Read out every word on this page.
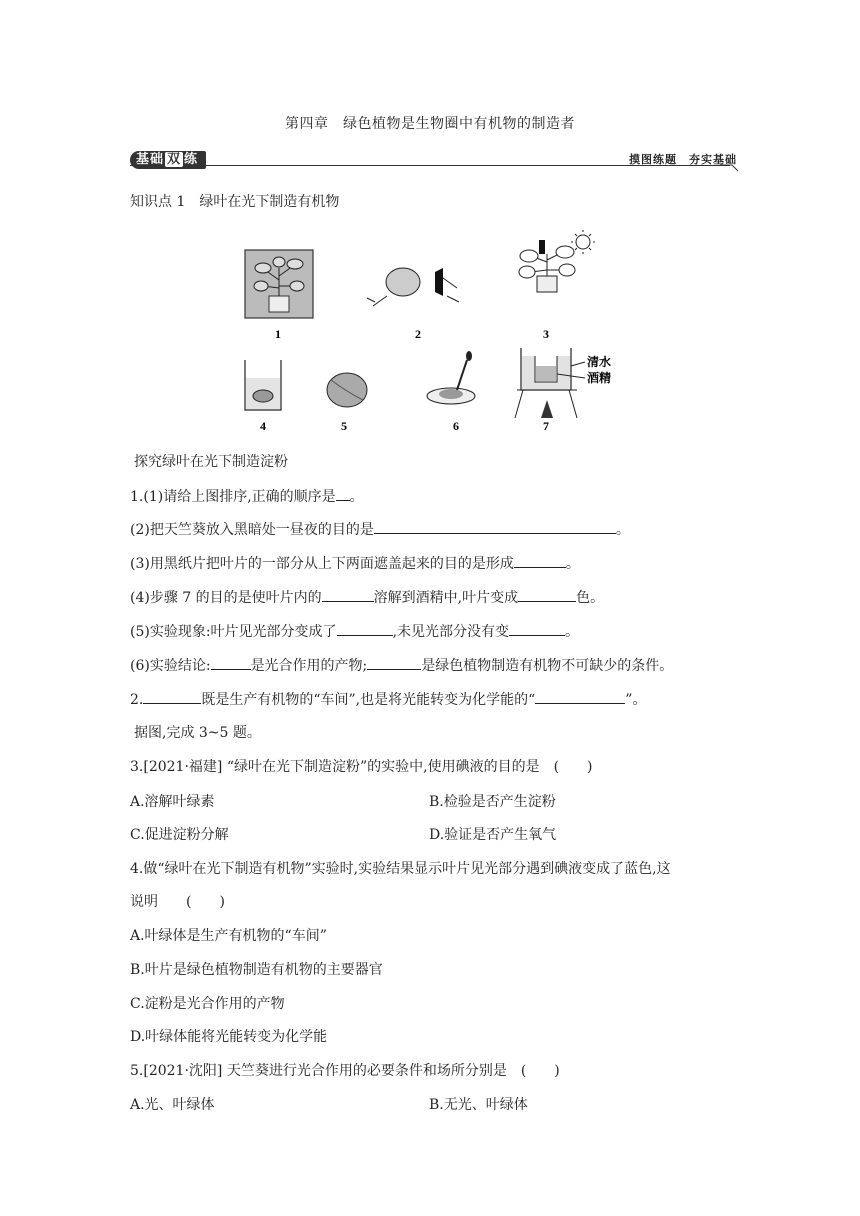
第四章　绿色植物是生物圈中有机物的制造者
基础 双 练	摸图练题　夯实基础
知识点 1　绿叶在光下制造有机物
1	2	3
4	5	6	7
清水
酒精
探究绿叶在光下制造淀粉
1.(1)请给上图排序,正确的顺序是 。
(2)把天竺葵放入黑暗处一昼夜的目的是	。
(3)用黑纸片把叶片的一部分从上下两面遮盖起来的目的是形成	。
(4)步骤 7 的目的是使叶片内的	溶解到酒精中,叶片变成	色。
(5)实验现象:叶片见光部分变成了	,未见光部分没有变	。
(6)实验结论:	是光合作用的产物;	是绿色植物制造有机物不可缺少的条件。
2.	既是生产有机物的“车间”,也是将光能转变为化学能的“	”。
据图,完成 3~5 题。
3.[2021·福建] “绿叶在光下制造淀粉”的实验中,使用碘液的目的是　(　　)
A.溶解叶绿素	B.检验是否产生淀粉
C.促进淀粉分解	D.验证是否产生氧气
4.做“绿叶在光下制造有机物”实验时,实验结果显示叶片见光部分遇到碘液变成了蓝色,这
说明　　(　　)
A.叶绿体是生产有机物的“车间”
B.叶片是绿色植物制造有机物的主要器官
C.淀粉是光合作用的产物
D.叶绿体能将光能转变为化学能
5.[2021·沈阳] 天竺葵进行光合作用的必要条件和场所分别是　(　　)
A.光、叶绿体	B.无光、叶绿体
